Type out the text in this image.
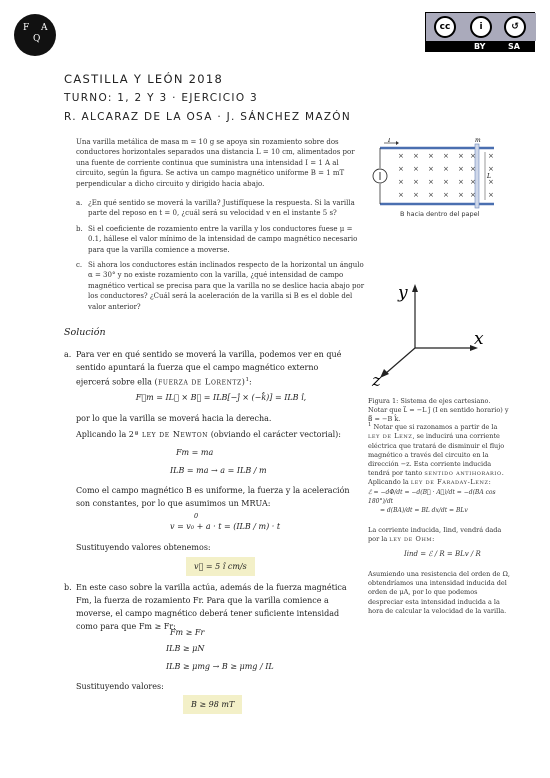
F
Q
A	cc	i	↺
BY	SA
CASTILLA Y LEÓN 2018
TURNO: 1, 2 Y 3 · EJERCICIO 3
R. ALCARAZ DE LA OSA · J. SÁNCHEZ MAZÓN
Una varilla metálica de masa m = 10 g se apoya sin rozamiento sobre dos conductores horizontales separados una distancia L = 10 cm, alimentados por una fuente de corriente continua que suministra una intensidad I = 1 A al circuito, según la figura. Se activa un campo magnético uniforme B = 1 mT perpendicular a dicho circuito y dirigido hacia abajo.
a. ¿En qué sentido se moverá la varilla? Justifíquese la respuesta. Si la varilla parte del reposo en t = 0, ¿cuál será su velocidad v en el instante 5 s?
b. Si el coeficiente de rozamiento entre la varilla y los conductores fuese μ = 0.1, hállese el valor mínimo de la intensidad de campo magnético necesario para que la varilla comience a moverse.
c. Si ahora los conductores están inclinados respecto de la horizontal un ángulo α = 30° y no existe rozamiento con la varilla, ¿qué intensidad de campo magnético vertical se precisa para que la varilla no se deslice hacia abajo por los conductores? ¿Cuál será la aceleración de la varilla si B es el doble del valor anterior?
I	m
L
×
×
×
×
×
×
×
×
×
×
×
×
×
×
×
×
×
×
×
×
×
×
×
×
×
×
×
×
B hacia dentro del papel
y
x
z
Solución
a. Para ver en qué sentido se moverá la varilla, podemos ver en qué sentido apuntará la fuerza que el campo magnético externo ejercerá sobre ella (fuerza de Lorentz)$^1$:
F⃗m = IL⃗ × B⃗ = ILB[−ĵ × (−k̂)] = ILB î,
por lo que la varilla se moverá hacia la derecha.
Aplicando la 2ª ley de Newton (obviando el carácter vectorial):
Fm = ma
ILB = ma → a = ILB / m
Como el campo magnético B es uniforme, la fuerza y la aceleración son constantes, por lo que asumimos un MRUA:
0
v = v₀ + a · t = (ILB / m) · t
Sustituyendo valores obtenemos:
v⃗ = 5 î cm/s
b. En este caso sobre la varilla actúa, además de la fuerza magnética Fm, la fuerza de rozamiento Fr. Para que la varilla comience a moverse, el campo magnético deberá tener suficiente intensidad como para que Fm ≥ Fr:
Fm ≥ Fr
ILB ≥ μN
ILB ≥ μmg → B ≥ μmg / IL
Sustituyendo valores:
B ≥ 98 mT
Figura 1: Sistema de ejes cartesiano. Notar que L⃗ = −L ĵ (I en sentido horario) y B⃗ = −B k̂.
$^1$ Notar que si razonamos a partir de la ley de Lenz, se inducirá una corriente eléctrica que tratará de disminuir el flujo magnético a través del circuito en la dirección −z. Esta corriente inducida tendrá por tanto sentido antihorario. Aplicando la ley de Faraday-Lenz:
ℰ = −dΦ/dt = −d(B⃗ · A⃗)/dt = −d(BA cos 180°)/dt
= d(BA)/dt = BL dx/dt = BLv
La corriente inducida, Iind, vendrá dada por la ley de Ohm:
Iind = ℰ / R = BLv / R
Asumiendo una resistencia del orden de Ω, obtendríamos una intensidad inducida del orden de μA, por lo que podemos despreciar esta intensidad inducida a la hora de calcular la velocidad de la varilla.
